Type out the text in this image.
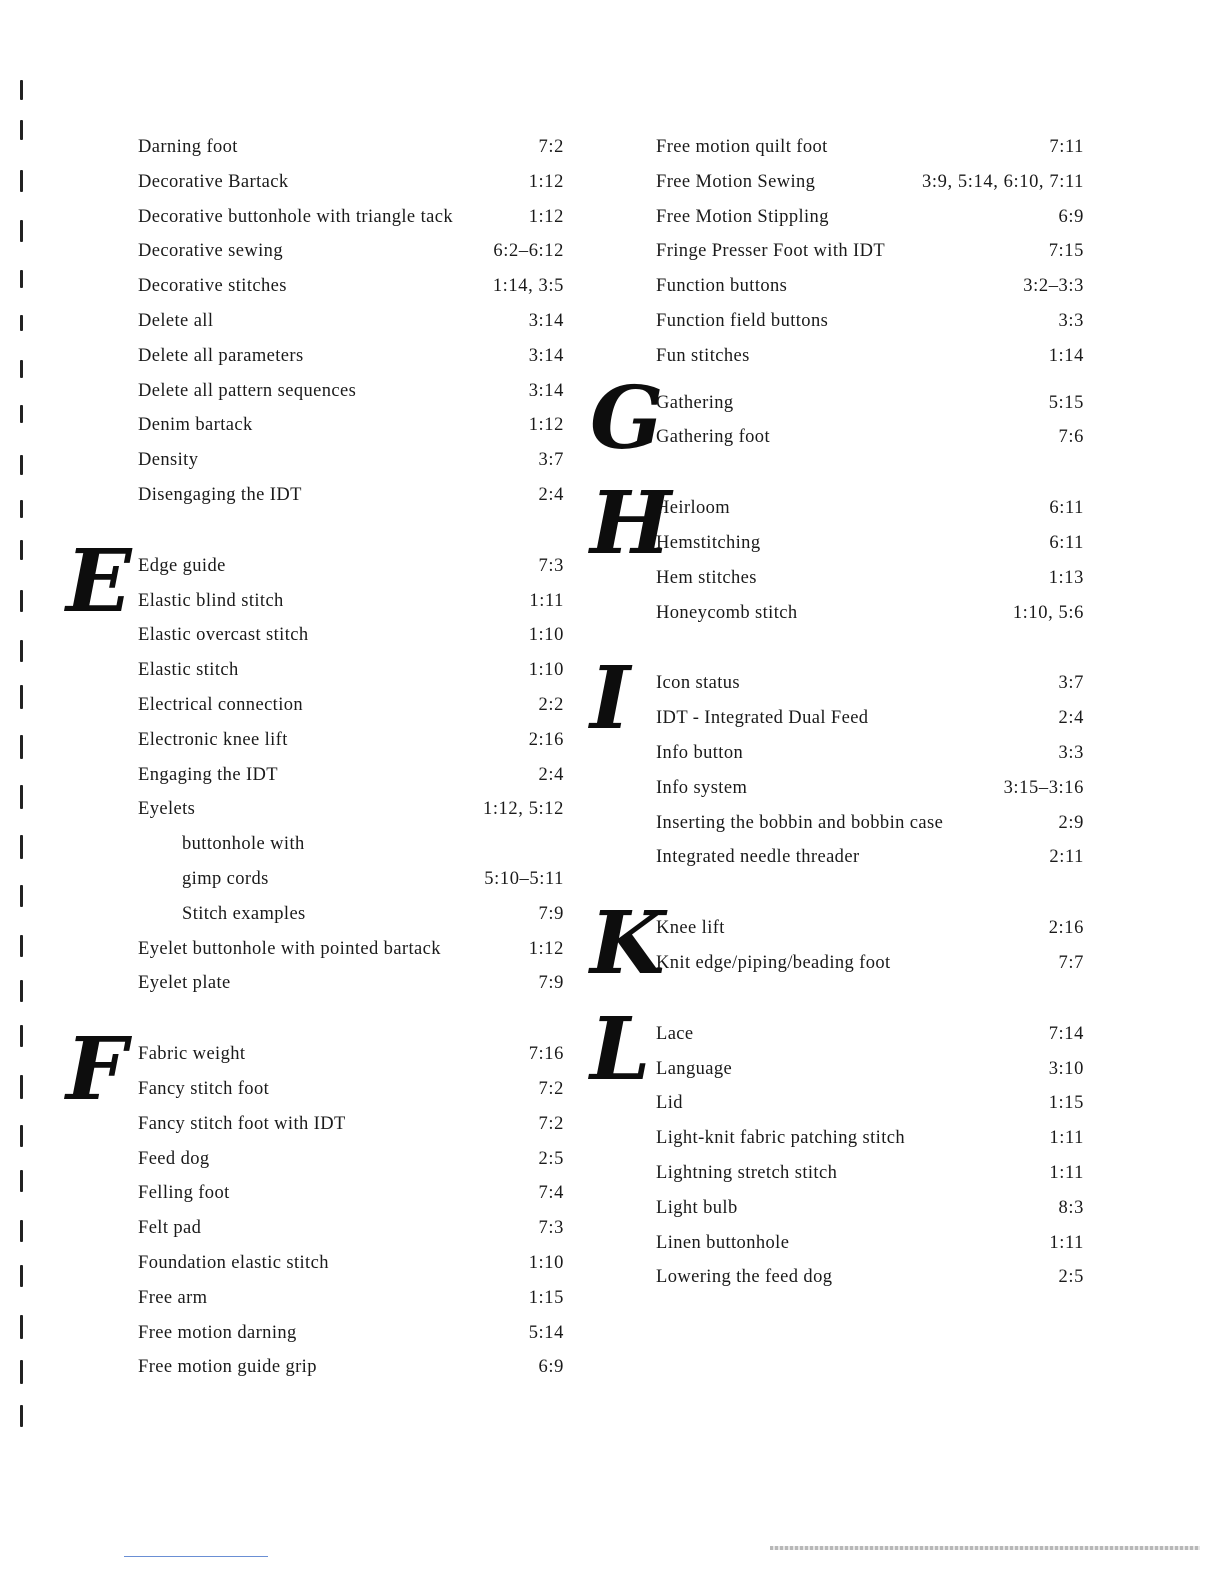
Darning foot	7:2
Decorative Bartack	1:12
Decorative buttonhole with triangle tack	1:12
Decorative sewing	6:2–6:12
Decorative stitches	1:14, 3:5
Delete all	3:14
Delete all parameters	3:14
Delete all pattern sequences	3:14
Denim bartack	1:12
Density	3:7
Disengaging the IDT	2:4
E Edge guide	7:3
Elastic blind stitch	1:11
Elastic overcast stitch	1:10
Elastic stitch	1:10
Electrical connection	2:2
Electronic knee lift	2:16
Engaging the IDT	2:4
Eyelets	1:12, 5:12
buttonhole with
gimp cords	5:10–5:11
Stitch examples	7:9
Eyelet buttonhole with pointed bartack	1:12
Eyelet plate	7:9
F Fabric weight	7:16
Fancy stitch foot	7:2
Fancy stitch foot with IDT	7:2
Feed dog	2:5
Felling foot	7:4
Felt pad	7:3
Foundation elastic stitch	1:10
Free arm	1:15
Free motion darning	5:14
Free motion guide grip	6:9
Free motion quilt foot	7:11
Free Motion Sewing	3:9, 5:14, 6:10, 7:11
Free Motion Stippling	6:9
Fringe Presser Foot with IDT	7:15
Function buttons	3:2–3:3
Function field buttons	3:3
Fun stitches	1:14
G
Gathering	5:15
Gathering foot	7:6
H
Heirloom	6:11
Hemstitching	6:11
Hem stitches	1:13
Honeycomb stitch	1:10, 5:6
I Icon status	3:7
IDT - Integrated Dual Feed	2:4
Info button	3:3
Info system	3:15–3:16
Inserting the bobbin and bobbin case	2:9
Integrated needle threader	2:11
K
Knee lift	2:16
Knit edge/piping/beading foot	7:7
L Lace	7:14
Language	3:10
Lid	1:15
Light-knit fabric patching stitch	1:11
Lightning stretch stitch	1:11
Light bulb	8:3
Linen buttonhole	1:11
Lowering the feed dog	2:5
